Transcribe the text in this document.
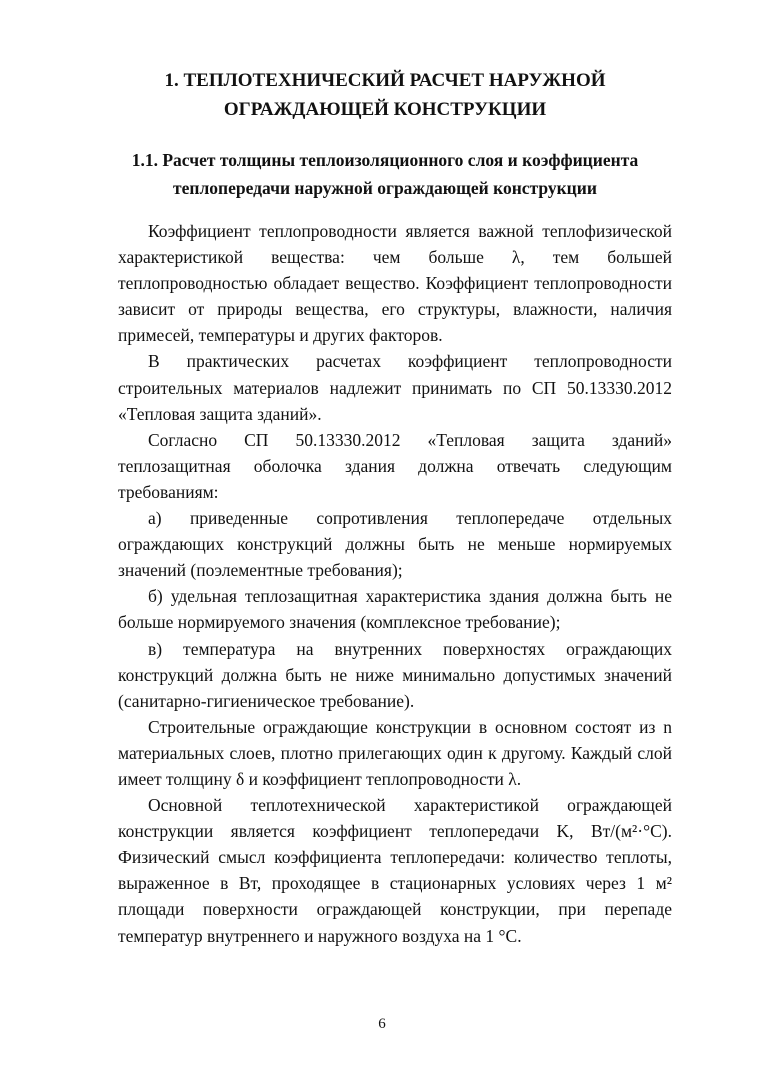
1. ТЕПЛОТЕХНИЧЕСКИЙ РАСЧЕТ НАРУЖНОЙ
ОГРАЖДАЮЩЕЙ КОНСТРУКЦИИ
1.1. Расчет толщины теплоизоляционного слоя и коэффициента
теплопередачи наружной ограждающей конструкции

Коэффициент теплопроводности является важной теплофизической характеристикой вещества: чем больше λ, тем большей теплопроводностью обладает вещество. Коэффициент теплопроводности зависит от природы вещества, его структуры, влажности, наличия примесей, температуры и других факторов.

В практических расчетах коэффициент теплопроводности строительных материалов надлежит принимать по СП 50.13330.2012 «Тепловая защита зданий».

Согласно СП 50.13330.2012 «Тепловая защита зданий» теплозащитная оболочка здания должна отвечать следующим требованиям:

а) приведенные сопротивления теплопередаче отдельных ограждающих конструкций должны быть не меньше нормируемых значений (поэлементные требования);

б) удельная теплозащитная характеристика здания должна быть не больше нормируемого значения (комплексное требование);

в) температура на внутренних поверхностях ограждающих конструкций должна быть не ниже минимально допустимых значений (санитарно-гигиеническое требование).

Строительные ограждающие конструкции в основном состоят из n материальных слоев, плотно прилегающих один к другому. Каждый слой имеет толщину δ и коэффициент теплопроводности λ.

Основной теплотехнической характеристикой ограждающей конструкции является коэффициент теплопередачи K, Вт/(м²·°С). Физический смысл коэффициента теплопередачи: количество теплоты, выраженное в Вт, проходящее в стационарных условиях через 1 м² площади поверхности ограждающей конструкции, при перепаде температур внутреннего и наружного воздуха на 1 °С.

6
